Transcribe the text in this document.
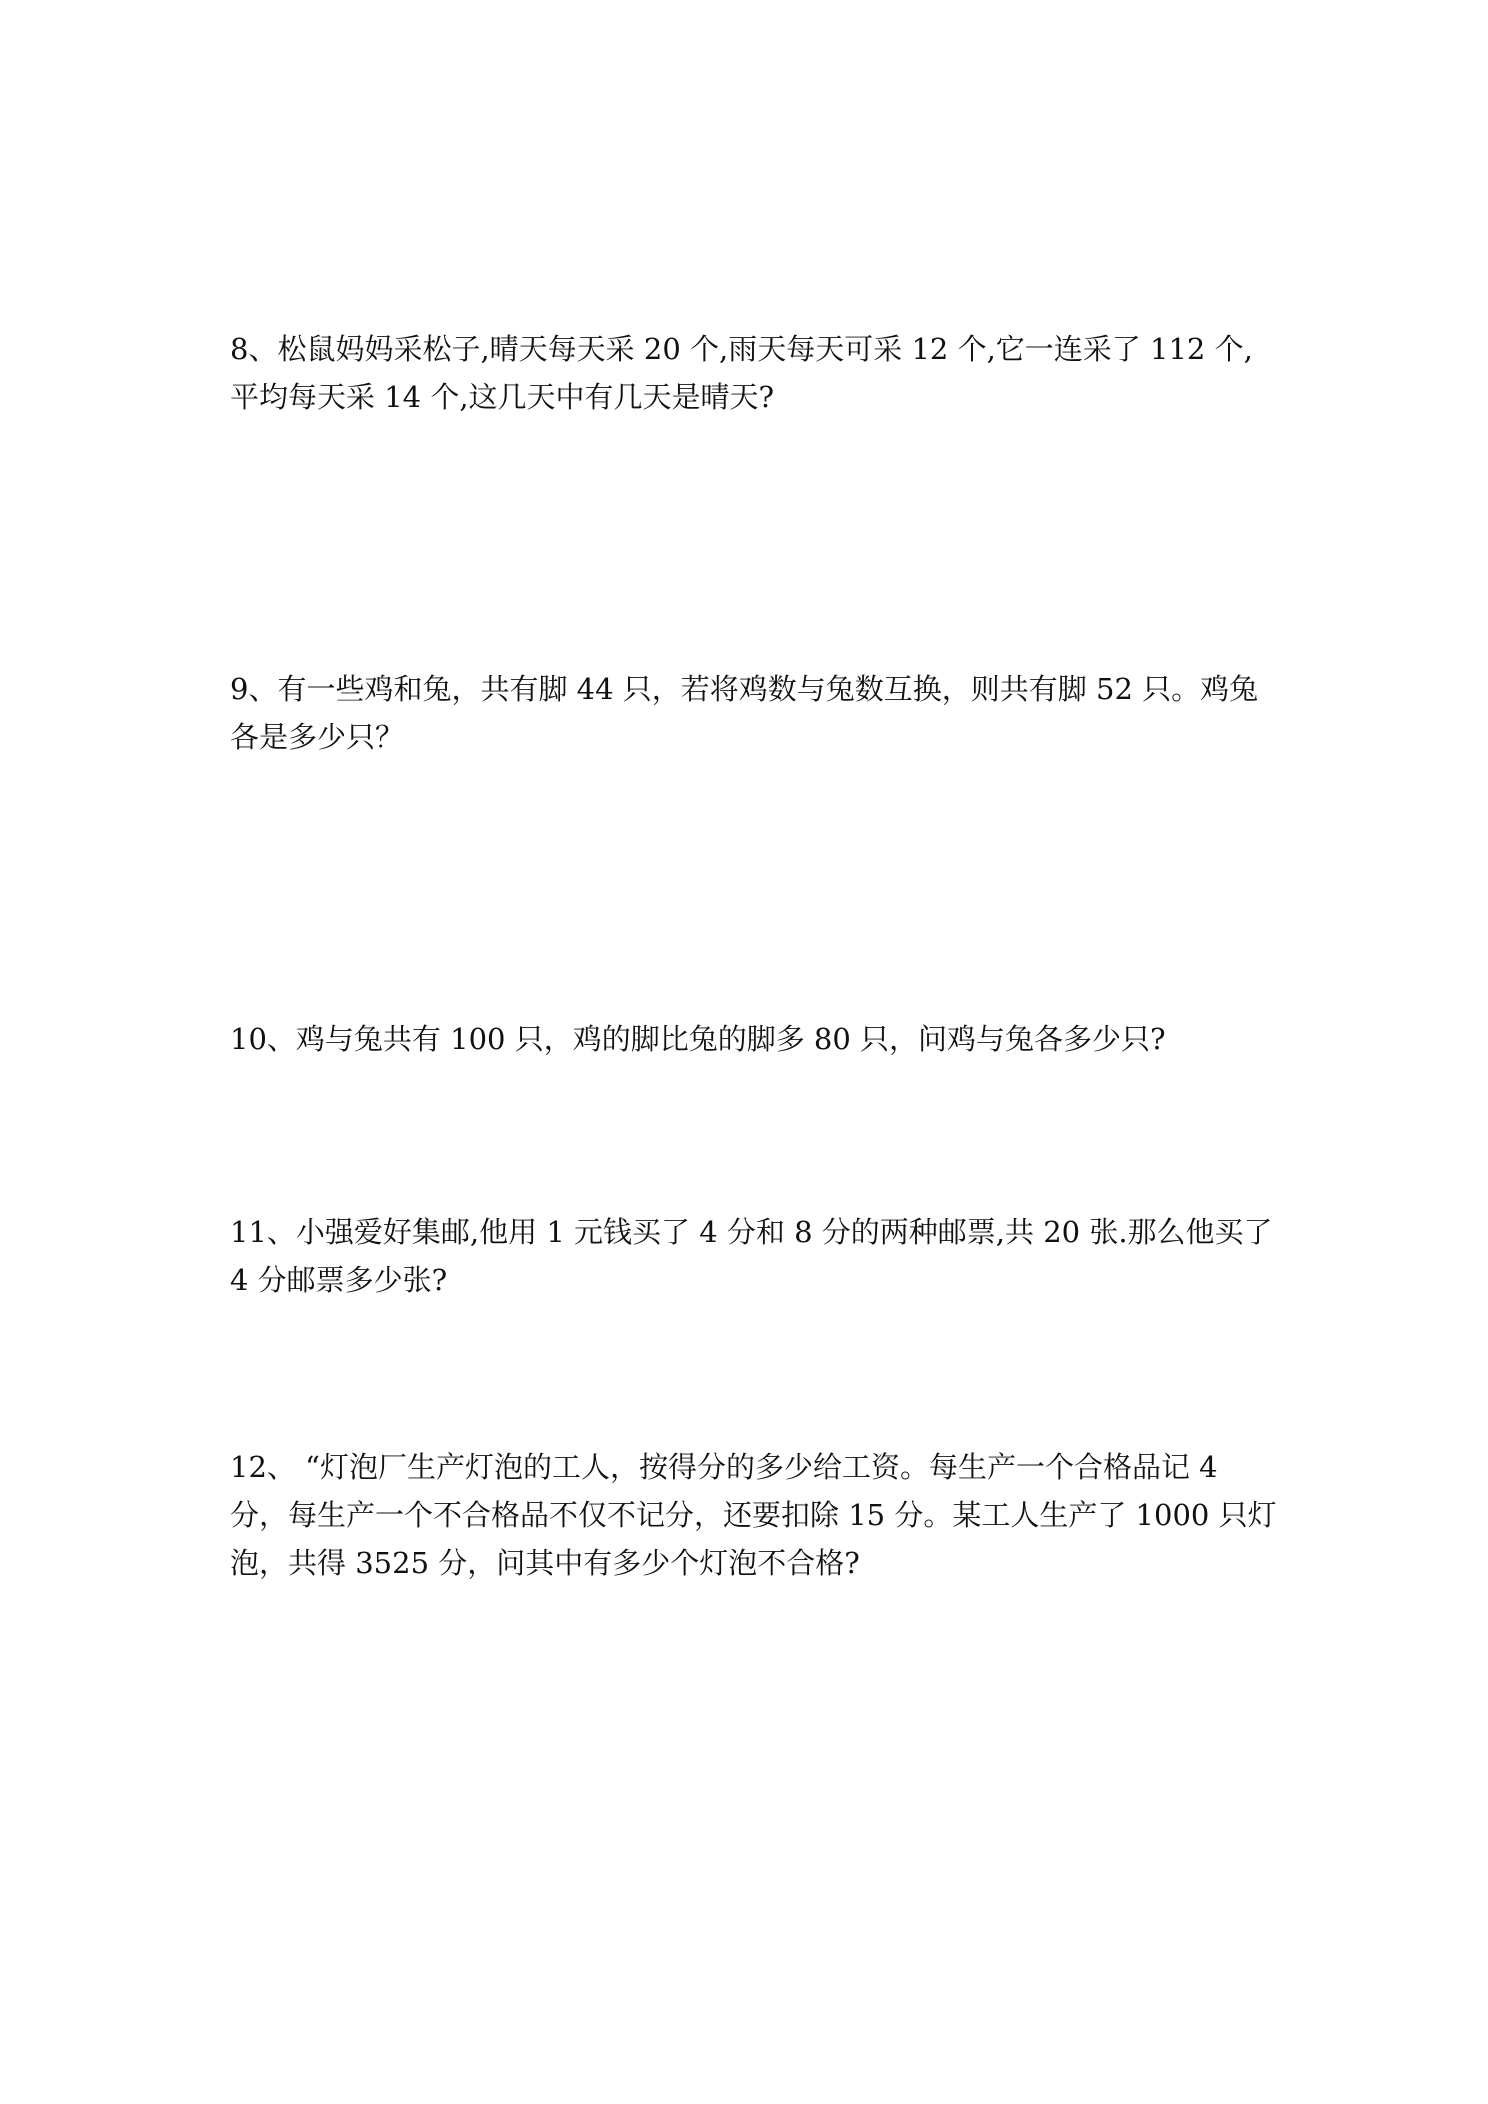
8、松鼠妈妈采松子,晴天每天采 20 个,雨天每天可采 12 个,它一连采了 112 个,
平均每天采 14 个,这几天中有几天是晴天?
9、有一些鸡和兔，共有脚 44 只，若将鸡数与兔数互换，则共有脚 52 只。鸡兔
各是多少只？
10、鸡与兔共有 100 只，鸡的脚比兔的脚多 80 只，问鸡与兔各多少只?
11、小强爱好集邮,他用 1 元钱买了 4 分和 8 分的两种邮票,共 20 张.那么他买了
4 分邮票多少张?
12、 “灯泡厂生产灯泡的工人，按得分的多少给工资。每生产一个合格品记 4
分，每生产一个不合格品不仅不记分，还要扣除 15 分。某工人生产了 1000 只灯
泡，共得 3525 分，问其中有多少个灯泡不合格?
